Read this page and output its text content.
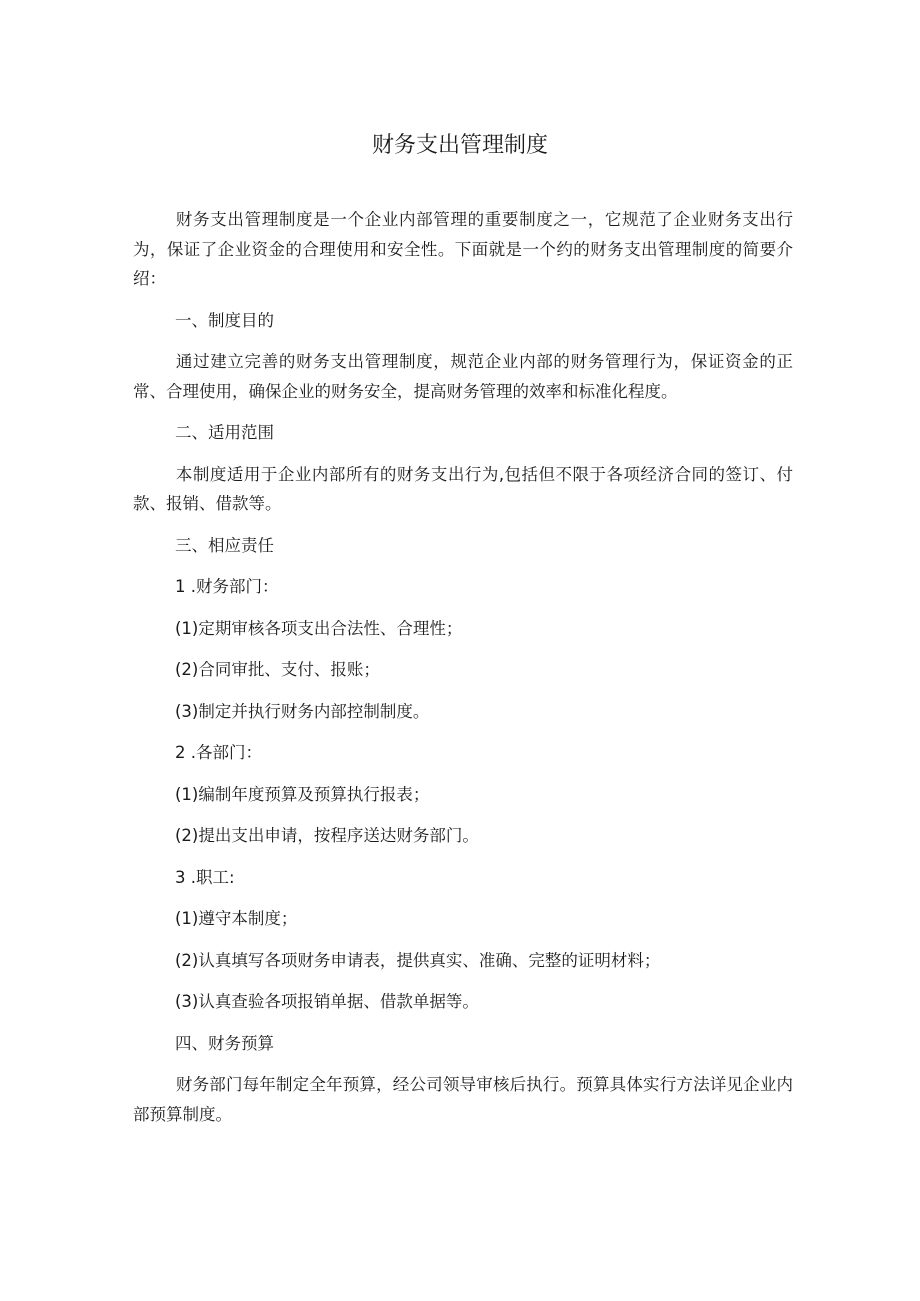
财务支出管理制度

财务支出管理制度是一个企业内部管理的重要制度之一，它规范了企业财务支出行为，保证了企业资金的合理使用和安全性。下面就是一个约的财务支出管理制度的简要介绍：

一、制度目的

通过建立完善的财务支出管理制度，规范企业内部的财务管理行为，保证资金的正常、合理使用，确保企业的财务安全，提高财务管理的效率和标准化程度。

二、适用范围

本制度适用于企业内部所有的财务支出行为,包括但不限于各项经济合同的签订、付款、报销、借款等。

三、相应责任

1 .财务部门：

(1)定期审核各项支出合法性、合理性；

(2)合同审批、支付、报账；

(3)制定并执行财务内部控制制度。

2 .各部门：

(1)编制年度预算及预算执行报表；

(2)提出支出申请，按程序送达财务部门。

3 .职工:

(1)遵守本制度；

(2)认真填写各项财务申请表，提供真实、准确、完整的证明材料；

(3)认真查验各项报销单据、借款单据等。

四、财务预算

财务部门每年制定全年预算，经公司领导审核后执行。预算具体实行方法详见企业内部预算制度。
